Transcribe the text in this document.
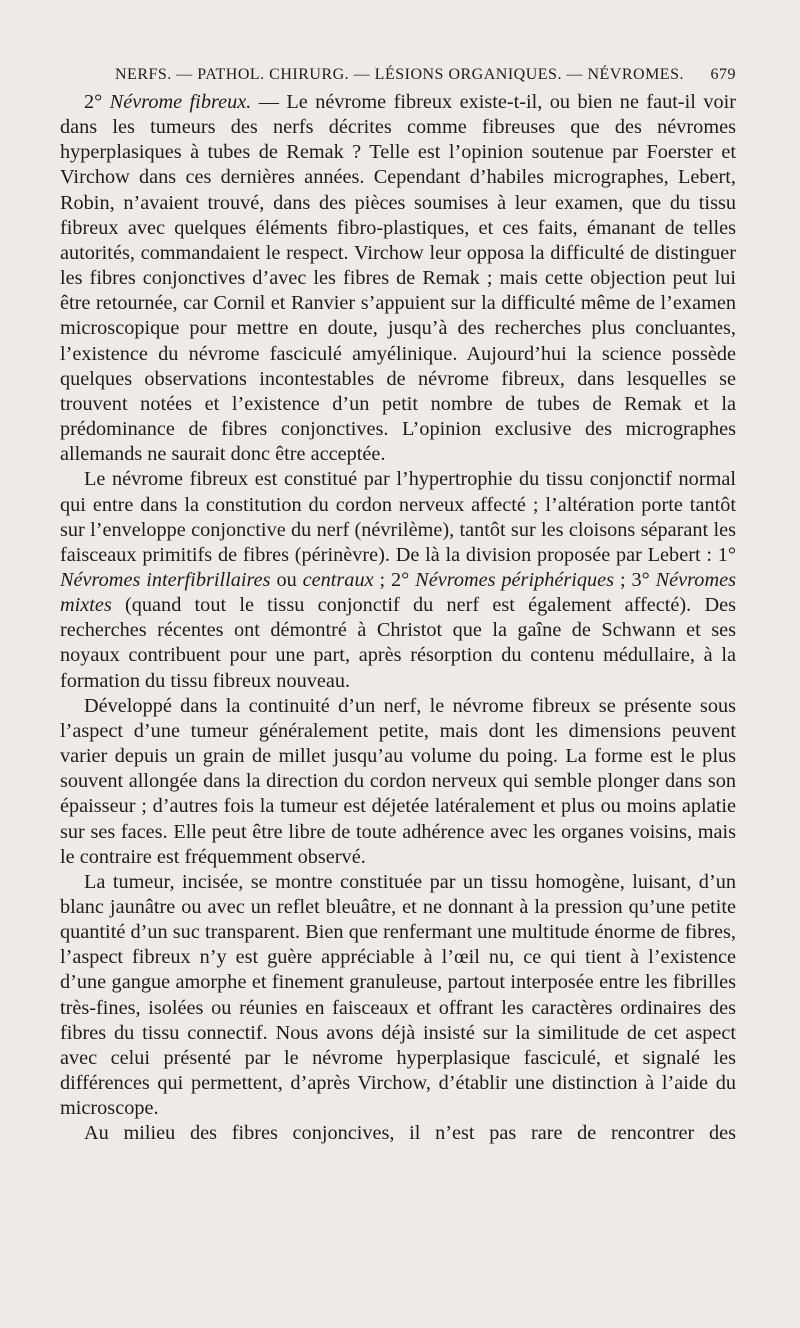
NERFS. — PATHOL. CHIRURG. — LÉSIONS ORGANIQUES. — NÉVROMES. 679

2° Névrome fibreux. — Le névrome fibreux existe-t-il, ou bien ne faut-il voir dans les tumeurs des nerfs décrites comme fibreuses que des névromes hyperplasiques à tubes de Remak ? Telle est l’opinion soutenue par Foerster et Virchow dans ces dernières années. Cependant d’habiles micrographes, Lebert, Robin, n’avaient trouvé, dans des pièces soumises à leur examen, que du tissu fibreux avec quelques éléments fibro-plastiques, et ces faits, émanant de telles autorités, commandaient le respect. Virchow leur opposa la difficulté de distinguer les fibres conjonctives d’avec les fibres de Remak ; mais cette objection peut lui être retournée, car Cornil et Ranvier s’appuient sur la difficulté même de l’examen microscopique pour mettre en doute, jusqu’à des recherches plus concluantes, l’existence du névrome fasciculé amyélinique. Aujourd’hui la science possède quelques observations incontestables de névrome fibreux, dans lesquelles se trouvent notées et l’existence d’un petit nombre de tubes de Remak et la prédominance de fibres conjonctives. L’opinion exclusive des micrographes allemands ne saurait donc être acceptée.

Le névrome fibreux est constitué par l’hypertrophie du tissu conjonctif normal qui entre dans la constitution du cordon nerveux affecté ; l’altération porte tantôt sur l’enveloppe conjonctive du nerf (névrilème), tantôt sur les cloisons séparant les faisceaux primitifs de fibres (périnèvre). De là la division proposée par Lebert : 1° Névromes interfibrillaires ou centraux ; 2° Névromes périphériques ; 3° Névromes mixtes (quand tout le tissu conjonctif du nerf est également affecté). Des recherches récentes ont démontré à Christot que la gaîne de Schwann et ses noyaux contribuent pour une part, après résorption du contenu médullaire, à la formation du tissu fibreux nouveau.

Développé dans la continuité d’un nerf, le névrome fibreux se présente sous l’aspect d’une tumeur généralement petite, mais dont les dimensions peuvent varier depuis un grain de millet jusqu’au volume du poing. La forme est le plus souvent allongée dans la direction du cordon nerveux qui semble plonger dans son épaisseur ; d’autres fois la tumeur est déjetée latéralement et plus ou moins aplatie sur ses faces. Elle peut être libre de toute adhérence avec les organes voisins, mais le contraire est fréquemment observé.

La tumeur, incisée, se montre constituée par un tissu homogène, luisant, d’un blanc jaunâtre ou avec un reflet bleuâtre, et ne donnant à la pression qu’une petite quantité d’un suc transparent. Bien que renfermant une multitude énorme de fibres, l’aspect fibreux n’y est guère appréciable à l’œil nu, ce qui tient à l’existence d’une gangue amorphe et finement granuleuse, partout interposée entre les fibrilles très-fines, isolées ou réunies en faisceaux et offrant les caractères ordinaires des fibres du tissu connectif. Nous avons déjà insisté sur la similitude de cet aspect avec celui présenté par le névrome hyperplasique fasciculé, et signalé les différences qui permettent, d’après Virchow, d’établir une distinction à l’aide du microscope.

Au milieu des fibres conjoncives, il n’est pas rare de rencontrer des
